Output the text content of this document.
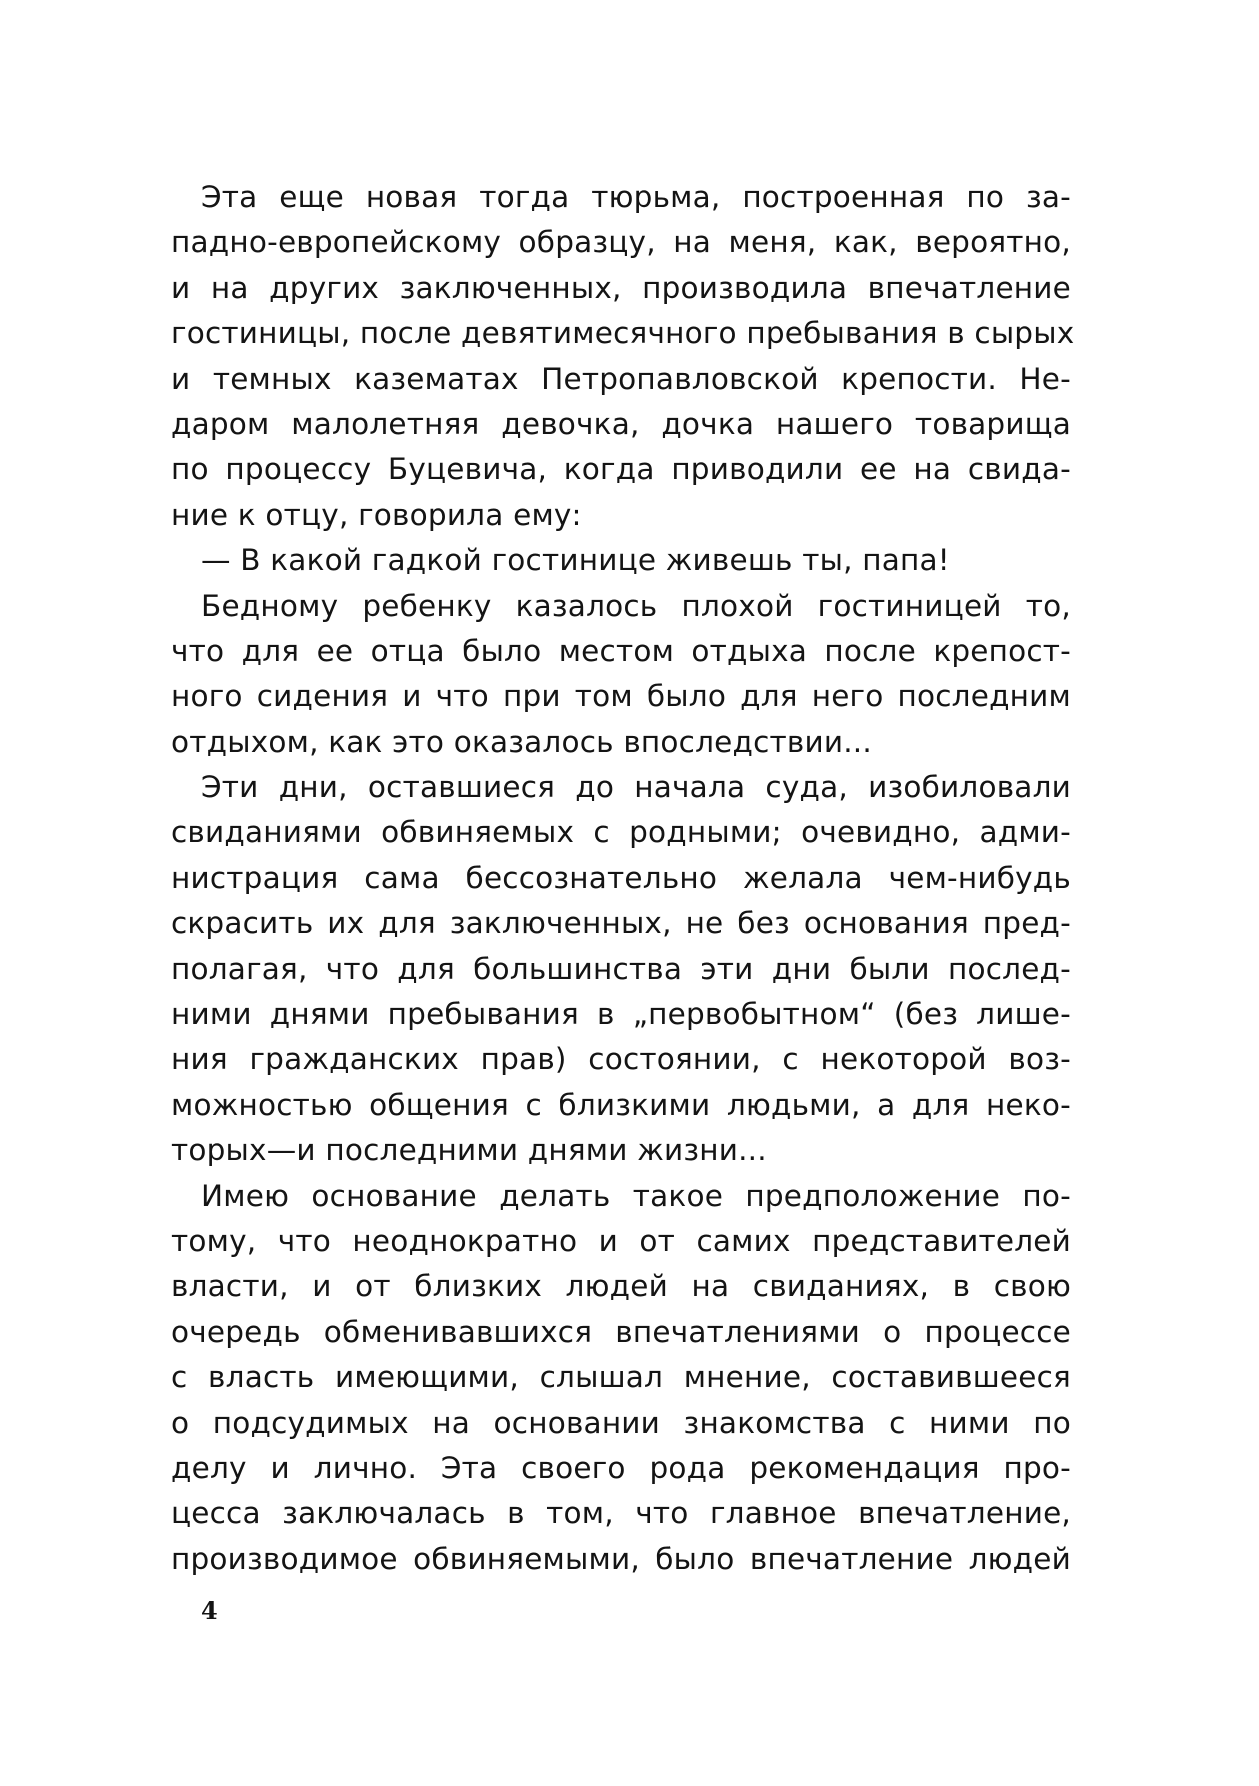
Эта еще новая тогда тюрьма, построенная по за-
падно-европейскому образцу, на меня, как, вероятно,
и на других заключенных, производила впечатление
гостиницы, после девятимесячного пребывания в сырых
и темных казематах Петропавловской крепости. Не-
даром малолетняя девочка, дочка нашего товарища
по процессу Буцевича, когда приводили ее на свида-
ние к отцу, говорила ему:
— В какой гадкой гостинице живешь ты, папа!
Бедному ребенку казалось плохой гостиницей то,
что для ее отца было местом отдыха после крепост-
ного сидения и что при том было для него последним
отдыхом, как это оказалось впоследствии...
Эти дни, оставшиеся до начала суда, изобиловали
свиданиями обвиняемых с родными; очевидно, адми-
нистрация сама бессознательно желала чем-нибудь
скрасить их для заключенных, не без основания пред-
полагая, что для большинства эти дни были послед-
ними днями пребывания в „первобытном“ (без лише-
ния гражданских прав) состоянии, с некоторой воз-
можностью общения с близкими людьми, а для неко-
торых—и последними днями жизни...
Имею основание делать такое предположение по-
тому, что неоднократно и от самих представителей
власти, и от близких людей на свиданиях, в свою
очередь обменивавшихся впечатлениями о процессе
с власть имеющими, слышал мнение, составившееся
о подсудимых на основании знакомства с ними по
делу и лично. Эта своего рода рекомендация про-
цесса заключалась в том, что главное впечатление,
производимое обвиняемыми, было впечатление людей
4
